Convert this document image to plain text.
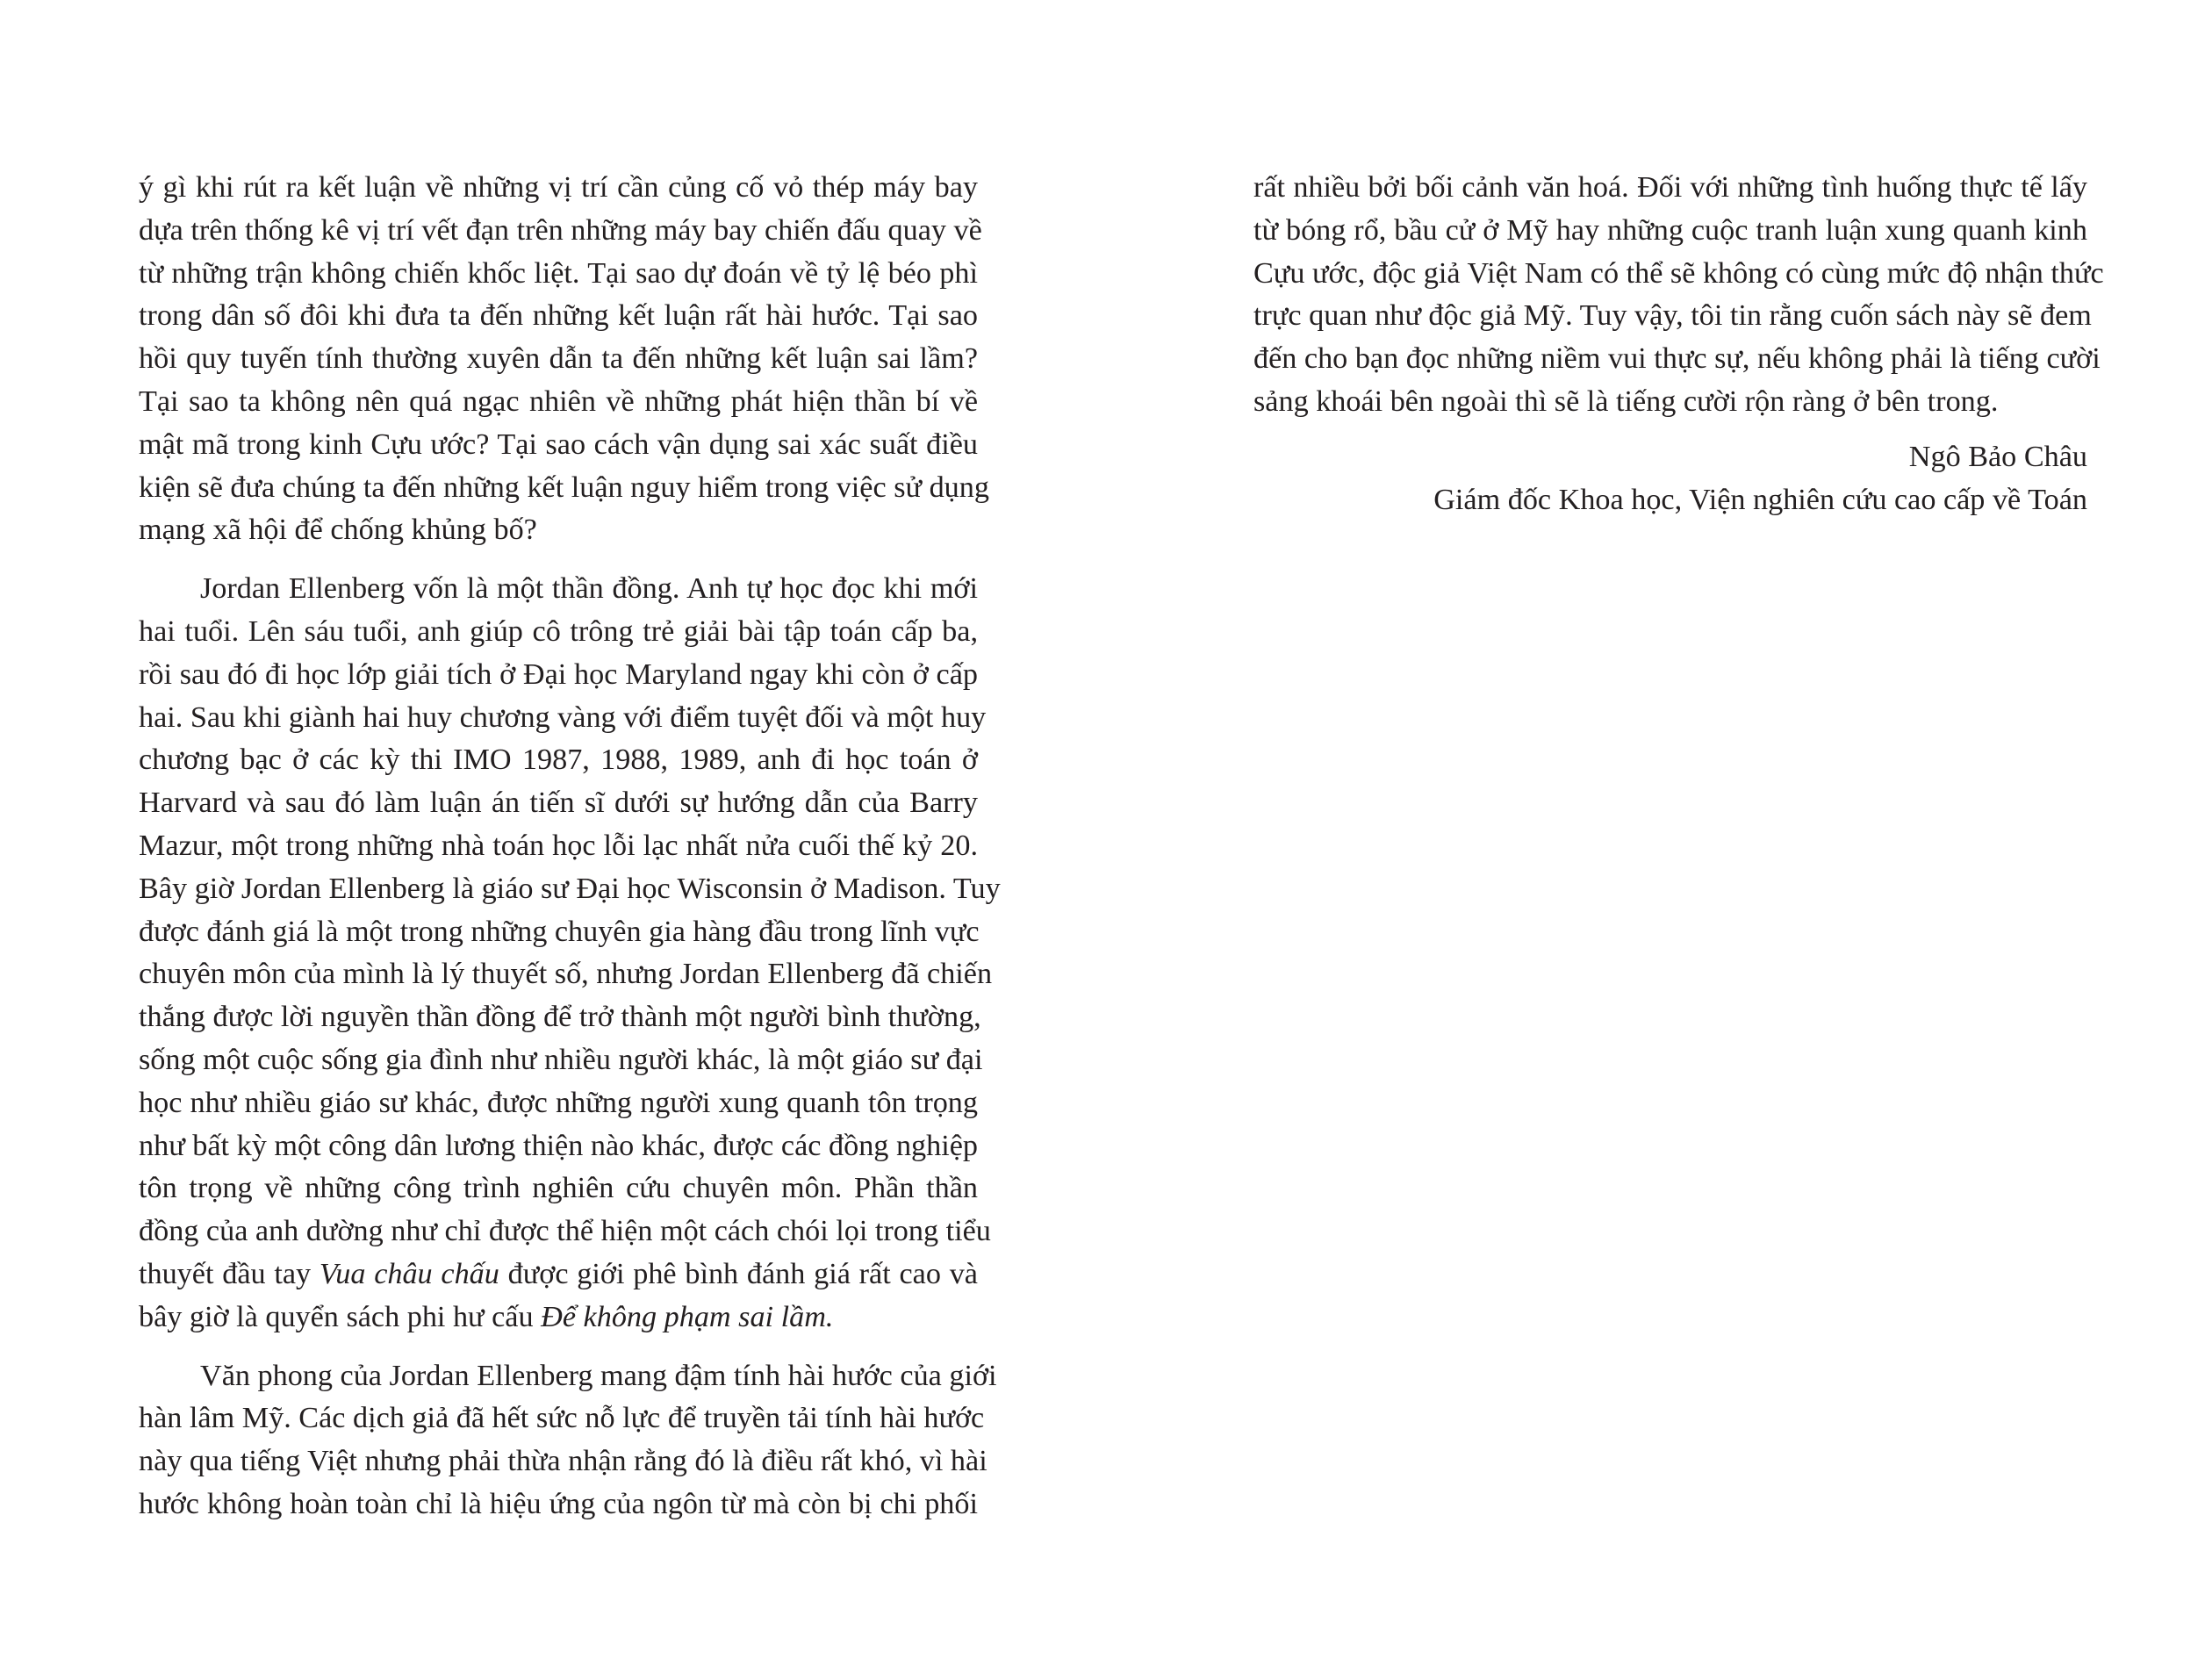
ý gì khi rút ra kết luận về những vị trí cần củng cố vỏ thép máy bay
dựa trên thống kê vị trí vết đạn trên những máy bay chiến đấu quay về
từ những trận không chiến khốc liệt. Tại sao dự đoán về tỷ lệ béo phì
trong dân số đôi khi đưa ta đến những kết luận rất hài hước. Tại sao
hồi quy tuyến tính thường xuyên dẫn ta đến những kết luận sai lầm?
Tại sao ta không nên quá ngạc nhiên về những phát hiện thần bí về
mật mã trong kinh Cựu ước? Tại sao cách vận dụng sai xác suất điều
kiện sẽ đưa chúng ta đến những kết luận nguy hiểm trong việc sử dụng
mạng xã hội để chống khủng bố?
Jordan Ellenberg vốn là một thần đồng. Anh tự học đọc khi mới
hai tuổi. Lên sáu tuổi, anh giúp cô trông trẻ giải bài tập toán cấp ba,
rồi sau đó đi học lớp giải tích ở Đại học Maryland ngay khi còn ở cấp
hai. Sau khi giành hai huy chương vàng với điểm tuyệt đối và một huy
chương bạc ở các kỳ thi IMO 1987, 1988, 1989, anh đi học toán ở
Harvard và sau đó làm luận án tiến sĩ dưới sự hướng dẫn của Barry
Mazur, một trong những nhà toán học lỗi lạc nhất nửa cuối thế kỷ 20.
Bây giờ Jordan Ellenberg là giáo sư Đại học Wisconsin ở Madison. Tuy
được đánh giá là một trong những chuyên gia hàng đầu trong lĩnh vực
chuyên môn của mình là lý thuyết số, nhưng Jordan Ellenberg đã chiến
thắng được lời nguyền thần đồng để trở thành một người bình thường,
sống một cuộc sống gia đình như nhiều người khác, là một giáo sư đại
học như nhiều giáo sư khác, được những người xung quanh tôn trọng
như bất kỳ một công dân lương thiện nào khác, được các đồng nghiệp
tôn trọng về những công trình nghiên cứu chuyên môn. Phần thần
đồng của anh dường như chỉ được thể hiện một cách chói lọi trong tiểu
thuyết đầu tay Vua châu chấu được giới phê bình đánh giá rất cao và
bây giờ là quyển sách phi hư cấu Để không phạm sai lầm.
Văn phong của Jordan Ellenberg mang đậm tính hài hước của giới
hàn lâm Mỹ. Các dịch giả đã hết sức nỗ lực để truyền tải tính hài hước
này qua tiếng Việt nhưng phải thừa nhận rằng đó là điều rất khó, vì hài
hước không hoàn toàn chỉ là hiệu ứng của ngôn từ mà còn bị chi phối
rất nhiều bởi bối cảnh văn hoá. Đối với những tình huống thực tế lấy
từ bóng rổ, bầu cử ở Mỹ hay những cuộc tranh luận xung quanh kinh
Cựu ước, độc giả Việt Nam có thể sẽ không có cùng mức độ nhận thức
trực quan như độc giả Mỹ. Tuy vậy, tôi tin rằng cuốn sách này sẽ đem
đến cho bạn đọc những niềm vui thực sự, nếu không phải là tiếng cười
sảng khoái bên ngoài thì sẽ là tiếng cười rộn ràng ở bên trong.
Ngô Bảo Châu
Giám đốc Khoa học, Viện nghiên cứu cao cấp về Toán
